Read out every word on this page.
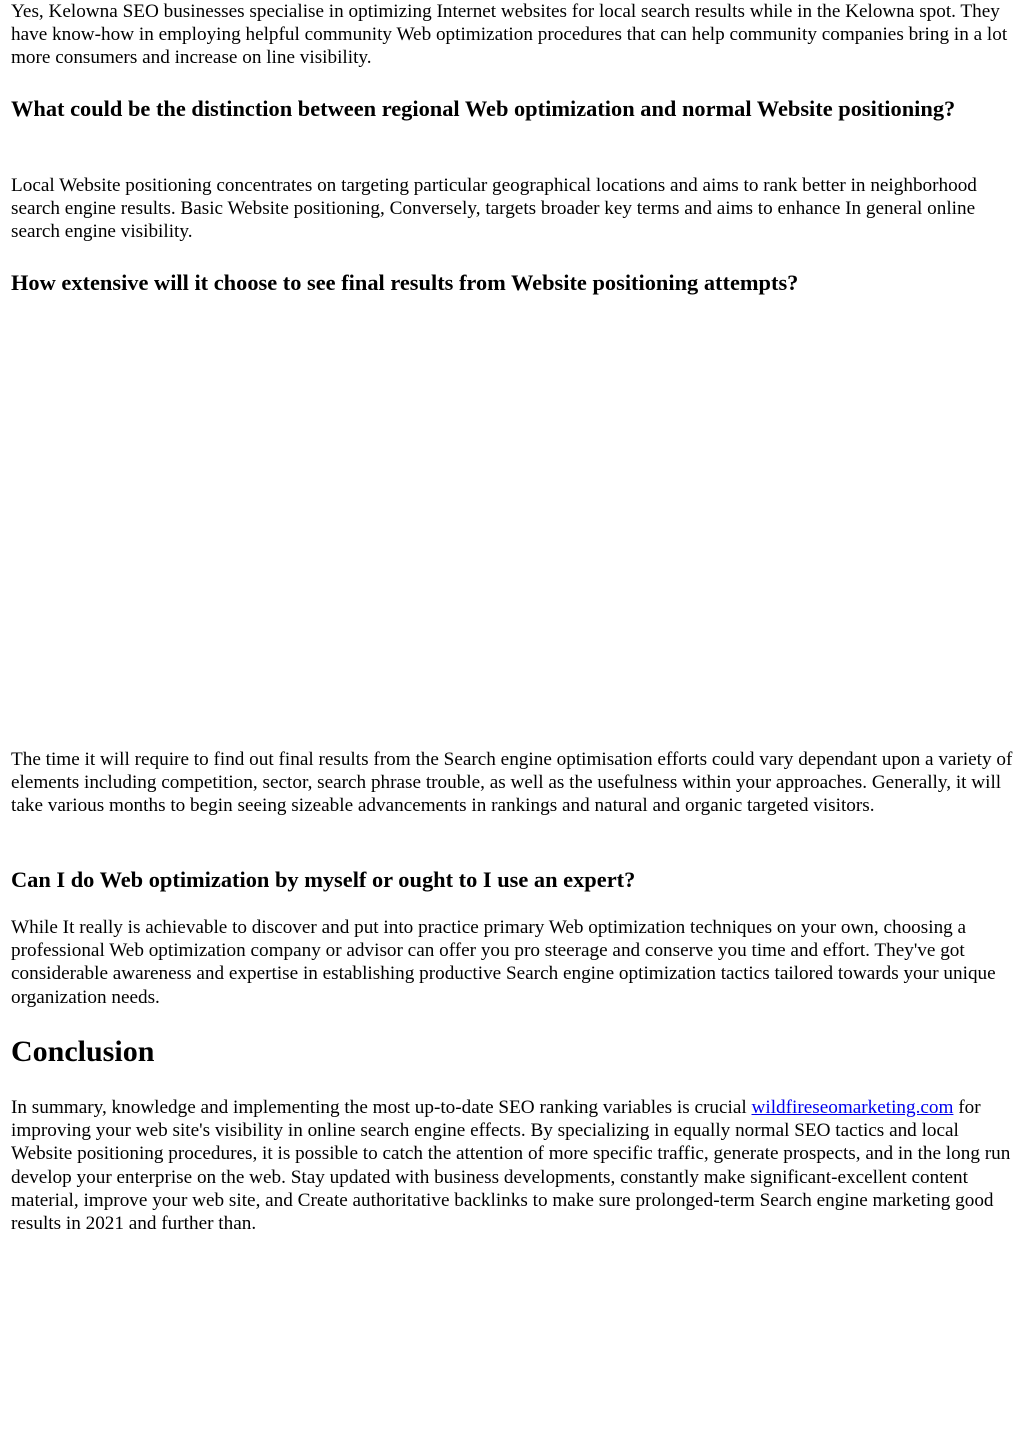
Yes, Kelowna SEO businesses specialise in optimizing Internet websites for local search results while in the Kelowna spot. They have know-how in employing helpful community Web optimization procedures that can help community companies bring in a lot more consumers and increase on line visibility.

What could be the distinction between regional Web optimization and normal Website positioning?

Local Website positioning concentrates on targeting particular geographical locations and aims to rank better in neighborhood search engine results. Basic Website positioning, Conversely, targets broader key terms and aims to enhance In general online search engine visibility.

How extensive will it choose to see final results from Website positioning attempts?

The time it will require to find out final results from the Search engine optimisation efforts could vary dependant upon a variety of elements including competition, sector, search phrase trouble, as well as the usefulness within your approaches. Generally, it will take various months to begin seeing sizeable advancements in rankings and natural and organic targeted visitors.

Can I do Web optimization by myself or ought to I use an expert?

While It really is achievable to discover and put into practice primary Web optimization techniques on your own, choosing a professional Web optimization company or advisor can offer you pro steerage and conserve you time and effort. They've got considerable awareness and expertise in establishing productive Search engine optimization tactics tailored towards your unique organization needs.

Conclusion

In summary, knowledge and implementing the most up-to-date SEO ranking variables is crucial wildfireseomarketing.com for improving your web site's visibility in online search engine effects. By specializing in equally normal SEO tactics and local Website positioning procedures, it is possible to catch the attention of more specific traffic, generate prospects, and in the long run develop your enterprise on the web. Stay updated with business developments, constantly make significant-excellent content material, improve your web site, and Create authoritative backlinks to make sure prolonged-term Search engine marketing good results in 2021 and further than.
